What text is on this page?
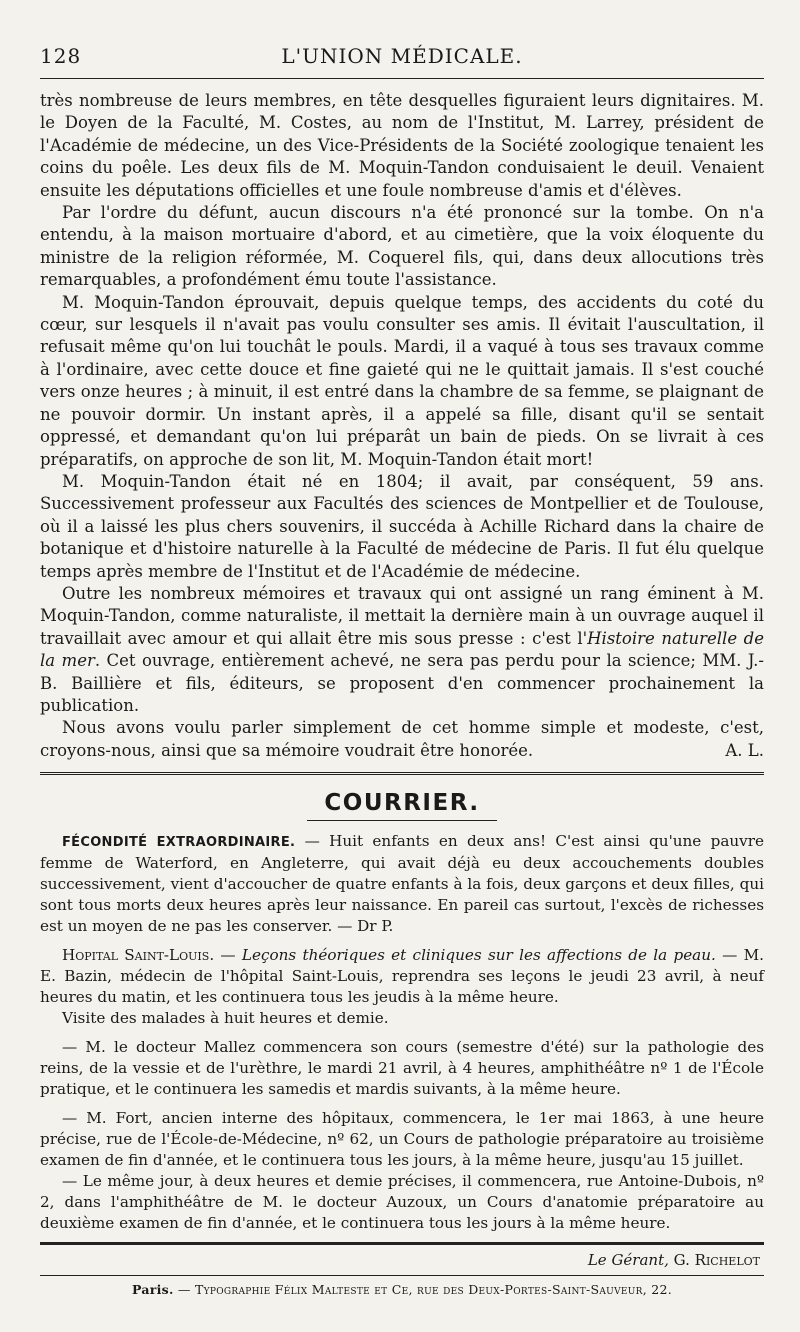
128	L'UNION MÉDICALE.

très nombreuse de leurs membres, en tête desquelles figuraient leurs dignitaires. M. le Doyen de la Faculté, M. Costes, au nom de l'Institut, M. Larrey, président de l'Académie de médecine, un des Vice-Présidents de la Société zoologique tenaient les coins du poêle. Les deux fils de M. Moquin-Tandon conduisaient le deuil. Venaient ensuite les députations officielles et une foule nombreuse d'amis et d'élèves.

Par l'ordre du défunt, aucun discours n'a été prononcé sur la tombe. On n'a entendu, à la maison mortuaire d'abord, et au cimetière, que la voix éloquente du ministre de la religion réformée, M. Coquerel fils, qui, dans deux allocutions très remarquables, a profondément ému toute l'assistance.

M. Moquin-Tandon éprouvait, depuis quelque temps, des accidents du coté du cœur, sur lesquels il n'avait pas voulu consulter ses amis. Il évitait l'auscultation, il refusait même qu'on lui touchât le pouls. Mardi, il a vaqué à tous ses travaux comme à l'ordinaire, avec cette douce et fine gaieté qui ne le quittait jamais. Il s'est couché vers onze heures ; à minuit, il est entré dans la chambre de sa femme, se plaignant de ne pouvoir dormir. Un instant après, il a appelé sa fille, disant qu'il se sentait oppressé, et demandant qu'on lui préparât un bain de pieds. On se livrait à ces préparatifs, on approche de son lit, M. Moquin-Tandon était mort!

M. Moquin-Tandon était né en 1804; il avait, par conséquent, 59 ans. Successivement professeur aux Facultés des sciences de Montpellier et de Toulouse, où il a laissé les plus chers souvenirs, il succéda à Achille Richard dans la chaire de botanique et d'histoire naturelle à la Faculté de médecine de Paris. Il fut élu quelque temps après membre de l'Institut et de l'Académie de médecine.

Outre les nombreux mémoires et travaux qui ont assigné un rang éminent à M. Moquin-Tandon, comme naturaliste, il mettait la dernière main à un ouvrage auquel il travaillait avec amour et qui allait être mis sous presse : c'est l'Histoire naturelle de la mer. Cet ouvrage, entièrement achevé, ne sera pas perdu pour la science; MM. J.-B. Baillière et fils, éditeurs, se proposent d'en commencer prochainement la publication.

Nous avons voulu parler simplement de cet homme simple et modeste, c'est, croyons-nous, ainsi que sa mémoire voudrait être honorée.	A. L.

COURRIER.

FÉCONDITÉ EXTRAORDINAIRE. — Huit enfants en deux ans! C'est ainsi qu'une pauvre femme de Waterford, en Angleterre, qui avait déjà eu deux accouchements doubles successivement, vient d'accoucher de quatre enfants à la fois, deux garçons et deux filles, qui sont tous morts deux heures après leur naissance. En pareil cas surtout, l'excès de richesses est un moyen de ne pas les conserver. — Dr P.

Hopital Saint-Louis. — Leçons théoriques et cliniques sur les affections de la peau. — M. E. Bazin, médecin de l'hôpital Saint-Louis, reprendra ses leçons le jeudi 23 avril, à neuf heures du matin, et les continuera tous les jeudis à la même heure.

Visite des malades à huit heures et demie.

— M. le docteur Mallez commencera son cours (semestre d'été) sur la pathologie des reins, de la vessie et de l'urèthre, le mardi 21 avril, à 4 heures, amphithéâtre nº 1 de l'École pratique, et le continuera les samedis et mardis suivants, à la même heure.

— M. Fort, ancien interne des hôpitaux, commencera, le 1er mai 1863, à une heure précise, rue de l'École-de-Médecine, nº 62, un Cours de pathologie préparatoire au troisième examen de fin d'année, et le continuera tous les jours, à la même heure, jusqu'au 15 juillet.

— Le même jour, à deux heures et demie précises, il commencera, rue Antoine-Dubois, nº 2, dans l'amphithéâtre de M. le docteur Auzoux, un Cours d'anatomie préparatoire au deuxième examen de fin d'année, et le continuera tous les jours à la même heure.

Le Gérant, G. Richelot
Paris. — Typographie Félix Malteste et Ce, rue des Deux-Portes-Saint-Sauveur, 22.
